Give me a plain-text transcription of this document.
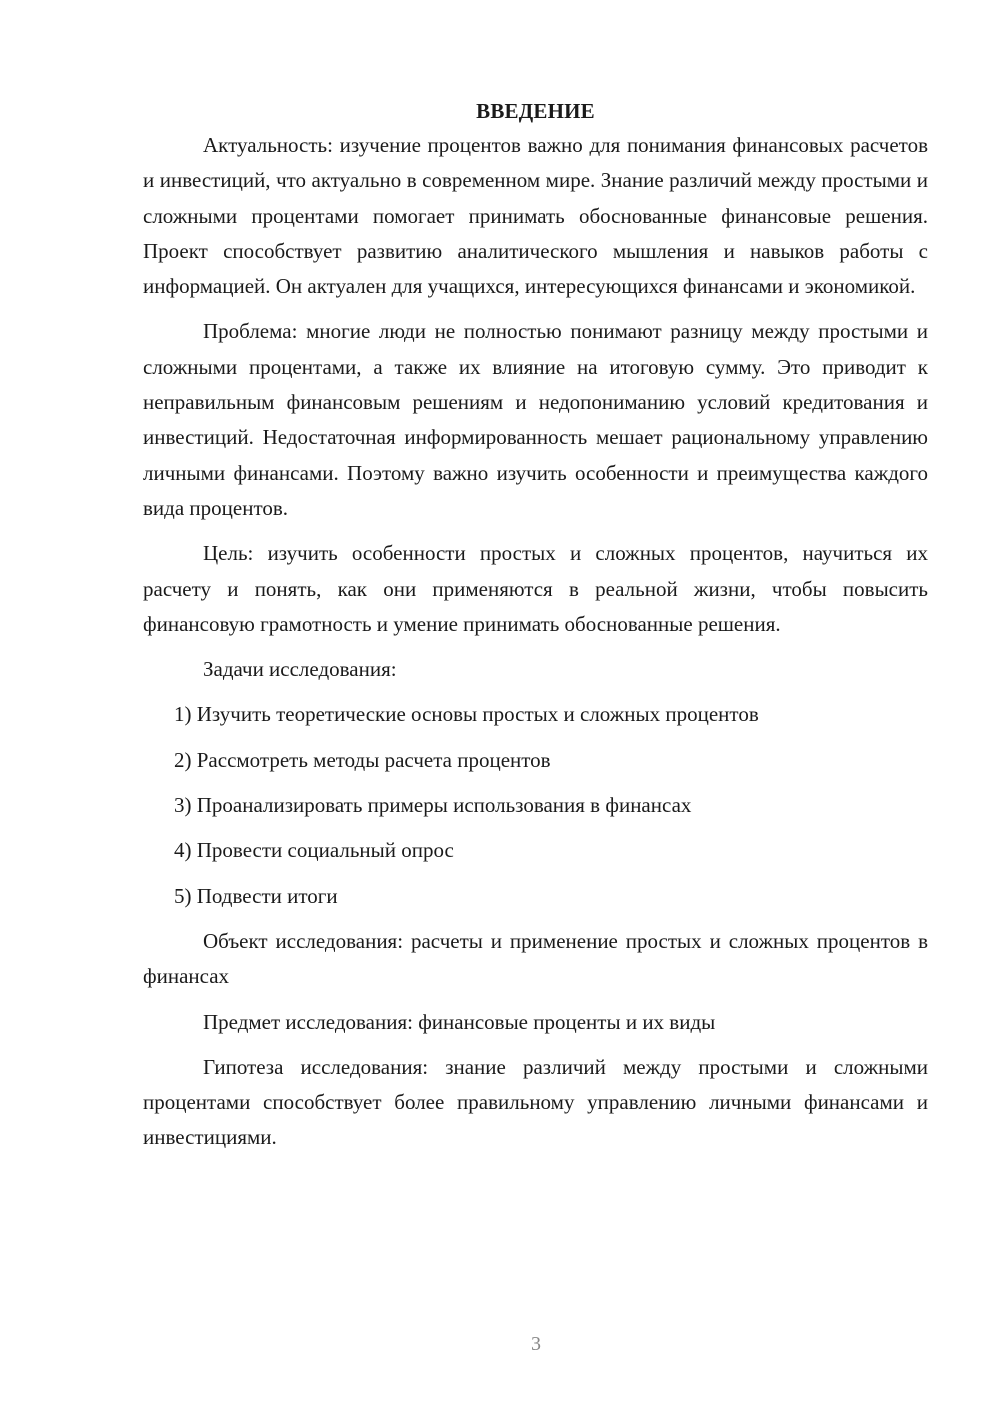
ВВЕДЕНИЕ

Актуальность: изучение процентов важно для понимания финансовых расчетов и инвестиций, что актуально в современном мире. Знание различий между простыми и сложными процентами помогает принимать обоснованные финансовые решения. Проект способствует развитию аналитического мышления и навыков работы с информацией. Он актуален для учащихся, интересующихся финансами и экономикой.

Проблема: многие люди не полностью понимают разницу между простыми и сложными процентами, а также их влияние на итоговую сумму. Это приводит к неправильным финансовым решениям и недопониманию условий кредитования и инвестиций. Недостаточная информированность мешает рациональному управлению личными финансами. Поэтому важно изучить особенности и преимущества каждого вида процентов.

Цель: изучить особенности простых и сложных процентов, научиться их расчету и понять, как они применяются в реальной жизни, чтобы повысить финансовую грамотность и умение принимать обоснованные решения.

Задачи исследования:

1) Изучить теоретические основы простых и сложных процентов
2) Рассмотреть методы расчета процентов
3) Проанализировать примеры использования в финансах
4) Провести социальный опрос
5) Подвести итоги

Объект исследования: расчеты и применение простых и сложных процентов в финансах

Предмет исследования: финансовые проценты и их виды

Гипотеза исследования: знание различий между простыми и сложными процентами способствует более правильному управлению личными финансами и инвестициями.

3
